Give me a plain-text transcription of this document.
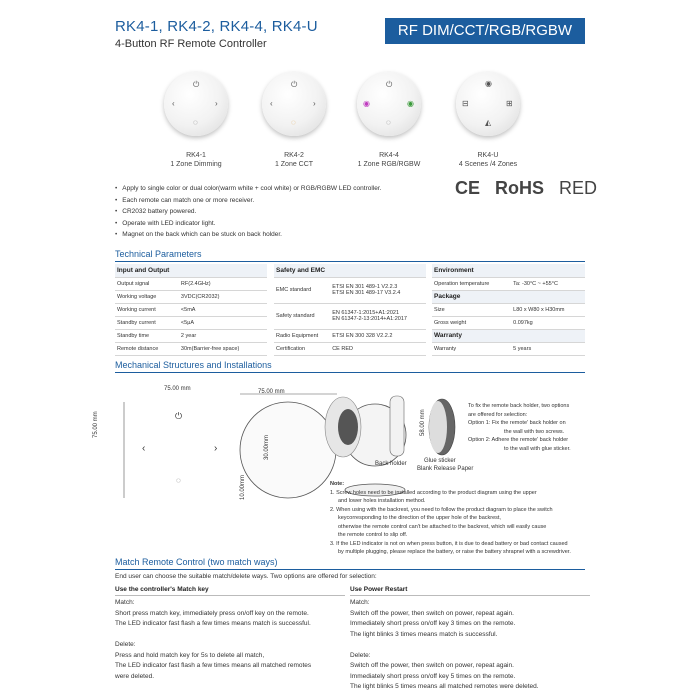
RK4-1, RK4-2, RK4-4, RK4-U
4-Button RF Remote Controller
RF DIM/CCT/RGB/RGBW
⏻
‹	›
◌
⏻
‹	›
◌
⏻
◉	◉
◌
◉
⊟	⊞
◭
RK4-1
1 Zone Dimming
RK4-2
1 Zone CCT
RK4-4
1 Zone RGB/RGBW
RK4-U
4 Scenes /4 Zones
• Apply to single color or dual color(warm white + cool white) or RGB/RGBW LED controller.
• Each remote can match one or more receiver.
• CR2032 battery powered.
• Operate with LED indicator light.
• Magnet on the back which can be stuck on back holder.
CE RoHS RED
Technical Parameters
Input and Output	
Output signal	RF(2.4GHz)
Working voltage	3VDC(CR2032)
Working current	<5mA
Standby current	<5μA
Standby time	2 year
Remote distance	30m(Barrier-free space)
Safety and EMC	
EMC standard	ETSI EN 301 489-1 V2.2.3
ETSI EN 301 489-17 V3.2.4

Safety standard	EN 61347-1:2015+A1:2021
EN 61347-2-13:2014+A1:2017

Radio Equipment	ETSI EN 300 328 V2.2.2
Certification	CE RED
Environment	
Operation temperature	Ta: -30°C ~ +55°C
Package	
Size	L80 x W80 x H30mm
Gross weight	0.097kg
Warranty	
Warranty	5 years
Mechanical Structures and Installations
⏻
‹	›
◌
75.00 mm
75.00 mm
75.00 mm
30.00mm
10.00mm
58.00 mm
Back holder	Glue sticker
Blank Release Paper
To fix the remote back holder, two options
are offered for selection:
Option 1: Fix the remote' back holder on
the wall with two screws.
Option 2: Adhere the remote' back holder
to the wall with glue sticker.
Note:
1. Screw holes need to be installed according to the product diagram using the upper
and lower holes installation method.
2. When using with the backrest, you need to follow the product diagram to place the switch
keycorresponding to the direction of the upper hole of the backrest,
otherwise the remote control can't be attached to the backrest, which will easily cause
the remote control to slip off.
3. If the LED indicator is not on when press button, it is due to dead battery or bad contact caused
by multiple plugging, please replace the battery, or raise the battery shrapnel with a screwdriver.
Match Remote Control (two match ways)
End user can choose the suitable match/delete ways. Two options are offered for selection:
Use the controller's Match key
Match:
Short press match key, immediately press on/off key on the remote.
The LED indicator fast flash a few times means match is successful.
Delete:
Press and hold match key for 5s to delete all match,
The LED indicator fast flash a few times means all matched remotes
were deleted.
Use Power Restart
Match:
Switch off the power, then switch on power, repeat again.
Immediately short press on/off key 3 times on the remote.
The light blinks 3 times means match is successful.
Delete:
Switch off the power, then switch on power, repeat again.
Immediately short press on/off key 5 times on the remote.
The light blinks 5 times means all matched remotes were deleted.
